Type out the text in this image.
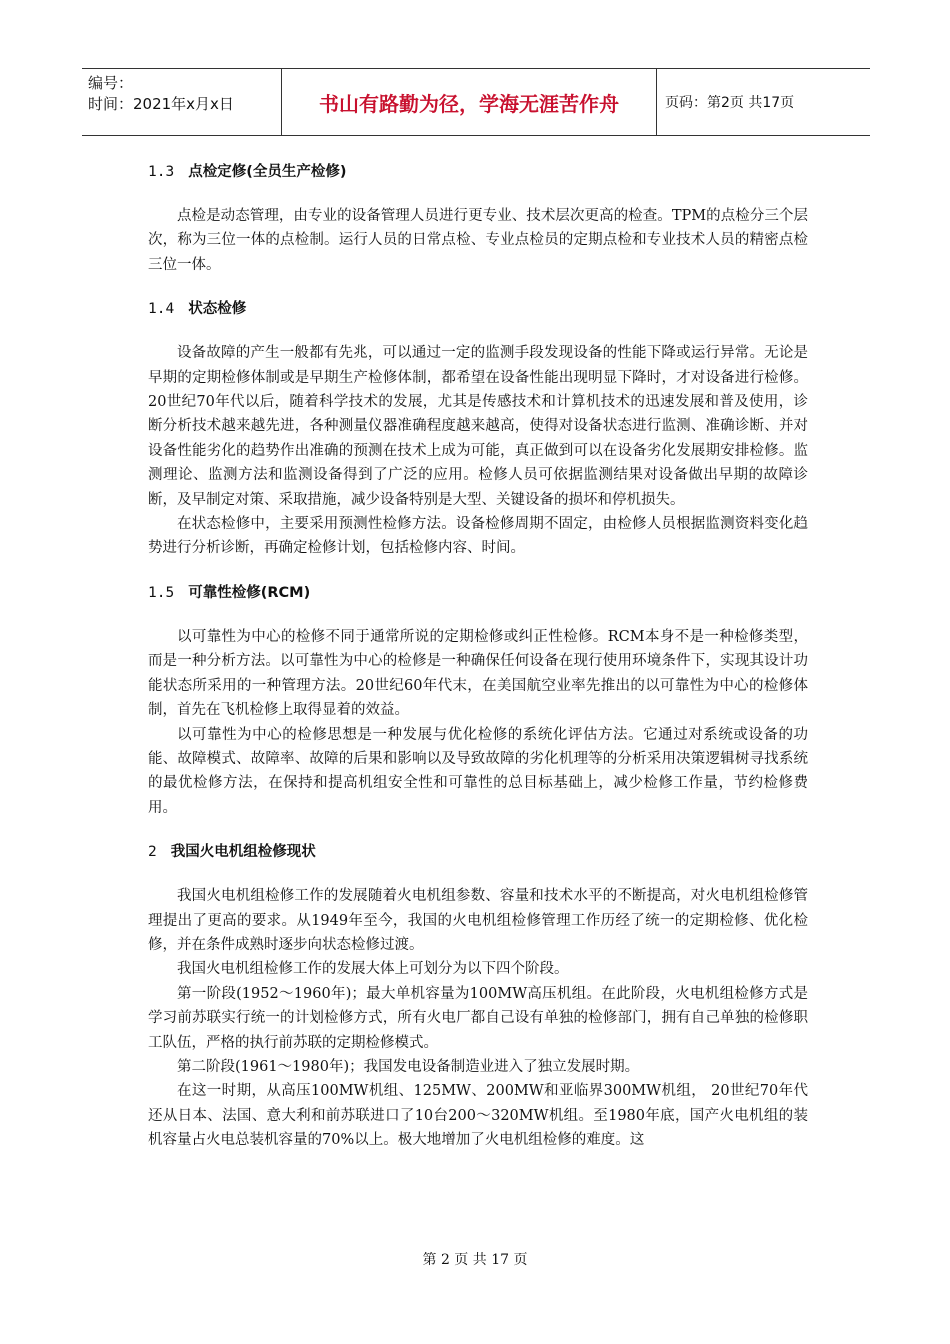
编号：
时间：2021年x月x日	书山有路勤为径，学海无涯苦作舟	页码：第2页 共17页
1.3 点检定修(全员生产检修)

点检是动态管理，由专业的设备管理人员进行更专业、技术层次更高的检查。TPM的点检分三个层次，称为三位一体的点检制。运行人员的日常点检、专业点检员的定期点检和专业技术人员的精密点检三位一体。

1.4 状态检修

设备故障的产生一般都有先兆，可以通过一定的监测手段发现设备的性能下降或运行异常。无论是早期的定期检修体制或是早期生产检修体制，都希望在设备性能出现明显下降时，才对设备进行检修。20世纪70年代以后，随着科学技术的发展，尤其是传感技术和计算机技术的迅速发展和普及使用，诊断分析技术越来越先进，各种测量仪器准确程度越来越高，使得对设备状态进行监测、准确诊断、并对设备性能劣化的趋势作出准确的预测在技术上成为可能，真正做到可以在设备劣化发展期安排检修。监测理论、监测方法和监测设备得到了广泛的应用。检修人员可依据监测结果对设备做出早期的故障诊断，及早制定对策、采取措施，减少设备特别是大型、关键设备的损坏和停机损失。

在状态检修中，主要采用预测性检修方法。设备检修周期不固定，由检修人员根据监测资料变化趋势进行分析诊断，再确定检修计划，包括检修内容、时间。

1.5 可靠性检修(RCM)

以可靠性为中心的检修不同于通常所说的定期检修或纠正性检修。RCM本身不是一种检修类型，而是一种分析方法。以可靠性为中心的检修是一种确保任何设备在现行使用环境条件下，实现其设计功能状态所采用的一种管理方法。20世纪60年代末，在美国航空业率先推出的以可靠性为中心的检修体制，首先在飞机检修上取得显着的效益。

以可靠性为中心的检修思想是一种发展与优化检修的系统化评估方法。它通过对系统或设备的功能、故障模式、故障率、故障的后果和影响以及导致故障的劣化机理等的分析采用决策逻辑树寻找系统的最优检修方法，在保持和提高机组安全性和可靠性的总目标基础上，减少检修工作量，节约检修费用。

2 我国火电机组检修现状

我国火电机组检修工作的发展随着火电机组参数、容量和技术水平的不断提高，对火电机组检修管理提出了更高的要求。从1949年至今，我国的火电机组检修管理工作历经了统一的定期检修、优化检修，并在条件成熟时逐步向状态检修过渡。

我国火电机组检修工作的发展大体上可划分为以下四个阶段。

第一阶段(1952～1960年)；最大单机容量为100MW高压机组。在此阶段，火电机组检修方式是学习前苏联实行统一的计划检修方式，所有火电厂都自己设有单独的检修部门，拥有自己单独的检修职工队伍，严格的执行前苏联的定期检修模式。

第二阶段(1961～1980年)；我国发电设备制造业进入了独立发展时期。

在这一时期，从高压100MW机组、125MW、200MW和亚临界300MW机组， 20世纪70年代还从日本、法国、意大利和前苏联进口了10台200～320MW机组。至1980年底，国产火电机组的装机容量占火电总装机容量的70%以上。极大地增加了火电机组检修的难度。这

第 2 页 共 17 页
